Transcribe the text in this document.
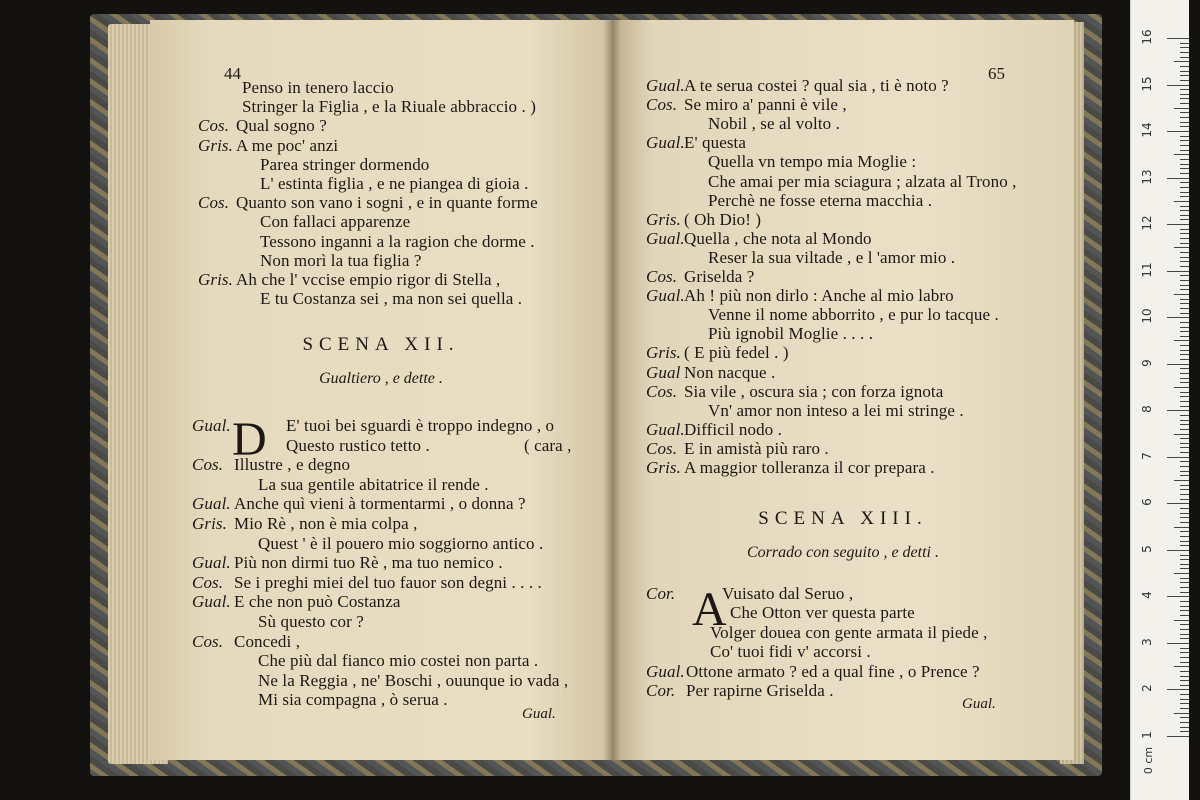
44
Penso in tenero laccio
Stringer la Figlia , e la Riuale abbraccio . )
Cos. Qual sogno ?
Gris. A me poc' anzi
Parea stringer dormendo
L' estinta figlia , e ne piangea di gioia .
Cos. Quanto son vano i sogni , e in quante forme
Con fallaci apparenze
Tessono inganni a la ragion che dorme .
Non morì la tua figlia ?
Gris. Ah che l' vccise empio rigor di Stella ,
E tu Costanza sei , ma non sei quella .
SCENA XII.
Gualtiero , e dette .
D
Gual.	E' tuoi bei sguardi è troppo indegno , o
Questo rustico tetto .	( cara ,
Cos. Illustre , e degno
La sua gentile abitatrice il rende .
Gual. Anche quì vieni à tormentarmi , o donna ?
Gris. Mio Rè , non è mia colpa ,
Quest ' è il pouero mio soggiorno antico .
Gual. Più non dirmi tuo Rè , ma tuo nemico .
Cos. Se i preghi miei del tuo fauor son degni . . . .
Gual. E che non può Costanza
Sù questo cor ?
Cos. Concedi ,
Che più dal fianco mio costei non parta .
Ne la Reggia , ne' Boschi , ouunque io vada ,
Mi sia compagna , ò serua .
Gual.
65
Gual. A te serua costei ? qual sia , ti è noto ?
Cos. Se miro a' panni è vile ,
Nobil , se al volto .
Gual. E' questa
Quella vn tempo mia Moglie :
Che amai per mia sciagura ; alzata al Trono ,
Perchè ne fosse eterna macchia .
Gris. ( Oh Dio! )
Gual. Quella , che nota al Mondo
Reser la sua viltade , e l 'amor mio .
Cos. Griselda ?
Gual. Ah ! più non dirlo : Anche al mio labro
Venne il nome abborrito , e pur lo tacque .
Più ignobil Moglie . . . .
Gris. ( E più fedel . )
Gual Non nacque .
Cos. Sia vile , oscura sia ; con forza ignota
Vn' amor non inteso a lei mi stringe .
Gual. Difficil nodo .
Cos. E in amistà più raro .
Gris. A maggior tolleranza il cor prepara .
SCENA XIII.
Corrado con seguito , e detti .
A
Cor.	Vuisato dal Seruo ,
Che Otton ver questa parte
Volger douea con gente armata il piede ,
Co' tuoi fidi v' accorsi .
Gual. Ottone armato ? ed a qual fine , o Prence ?
Cor. Per rapirne Griselda .
Gual.
0 cm
16
15
14
13
12
11
10
9
8
7
6
5
4
3
2
1
